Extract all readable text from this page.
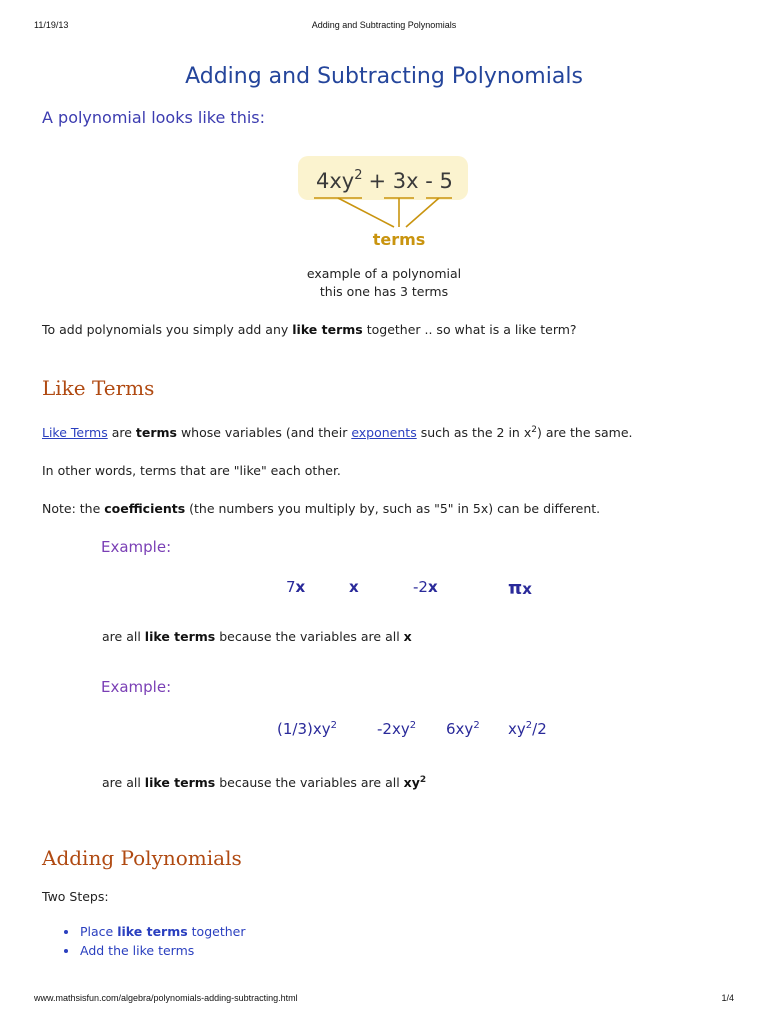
11/19/13	Adding and Subtracting Polynomials
Adding and Subtracting Polynomials
A polynomial looks like this:
$4xy^2 + 3x - 5$
terms
example of a polynomial
this one has 3 terms
To add polynomials you simply add any like terms together .. so what is a like term?
Like Terms
Like Terms are terms whose variables (and their exponents such as the 2 in $x^2$) are the same.
In other words, terms that are "like" each other.
Note: the coefficients (the numbers you multiply by, such as "5" in 5x) can be different.
Example:
7x	x	-2x	πx
are all like terms because the variables are all x
Example:
$(1/3)xy^2$	$-2xy^2$ $6xy^2$ $xy^2/2$
are all like terms because the variables are all $xy^2$
Adding Polynomials
Two Steps:
Place like terms together
Add the like terms
www.mathsisfun.com/algebra/polynomials-adding-subtracting.html	1/4
